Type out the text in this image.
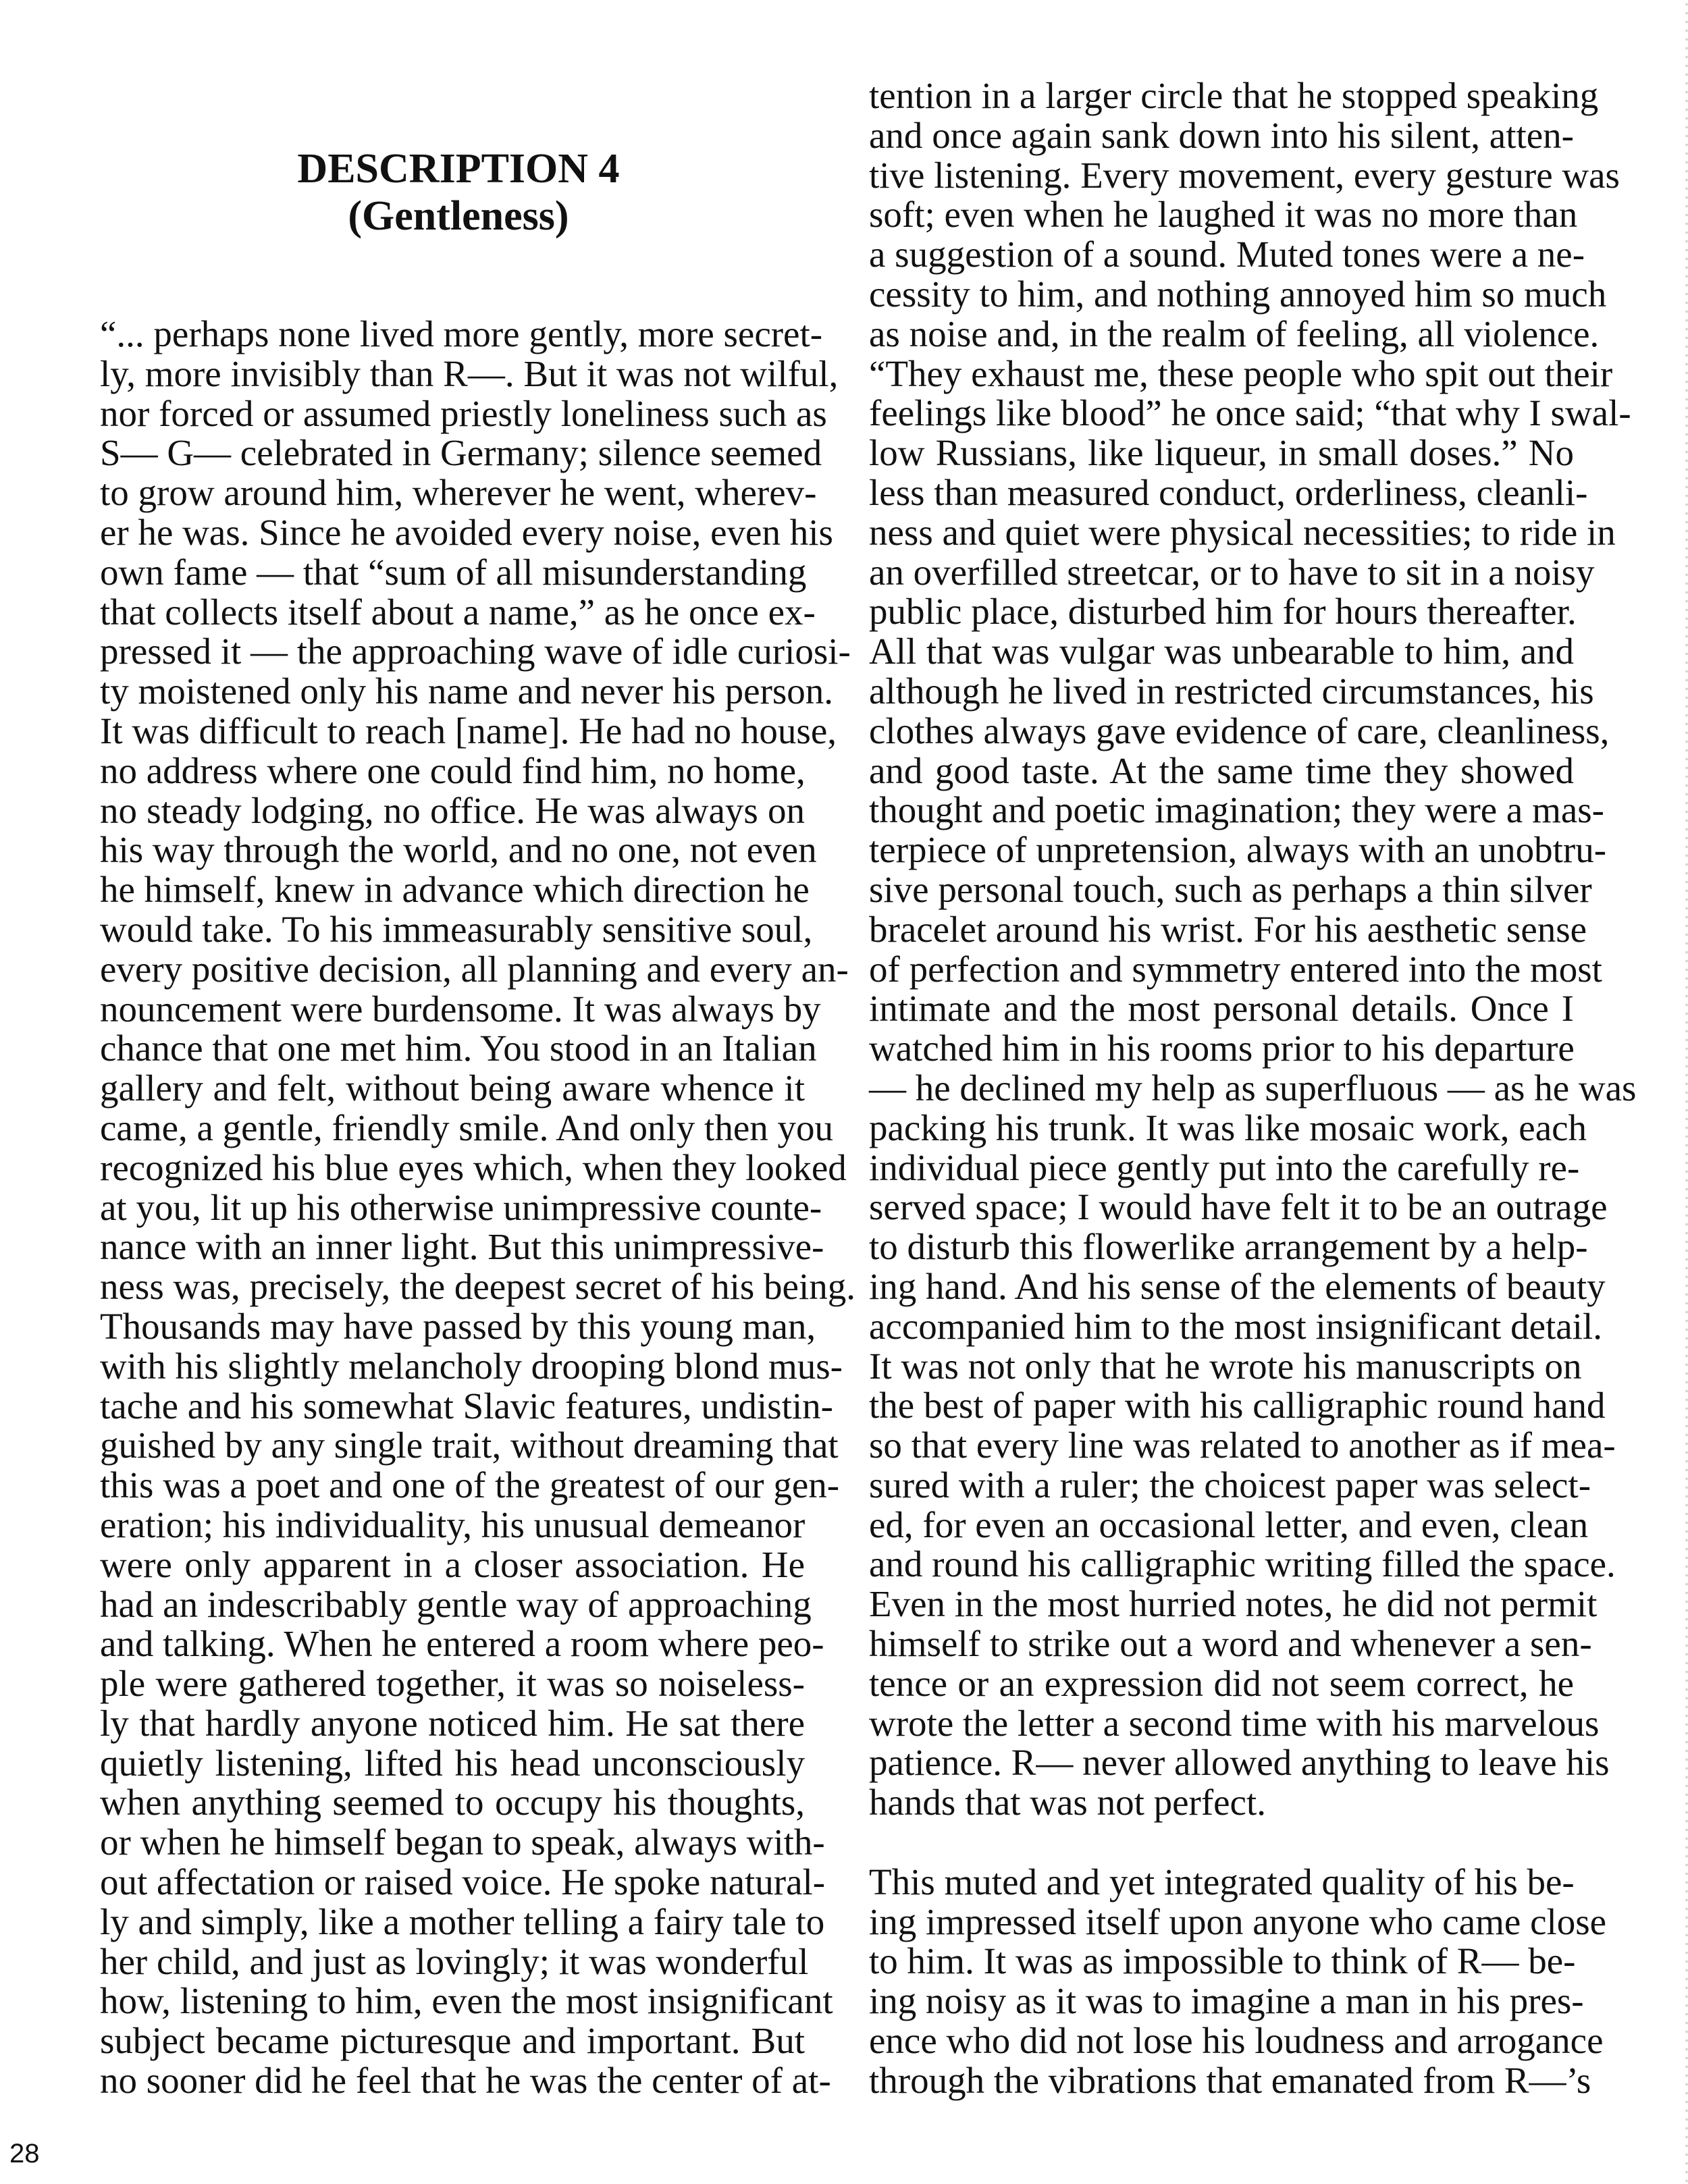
DESCRIPTION 4
(Gentleness)
“... perhaps none lived more gently, more secret-
ly, more invisibly than R—. But it was not wilful,
nor forced or assumed priestly loneliness such as
S— G— celebrated in Germany; silence seemed
to grow around him, wherever he went, wherev-
er he was. Since he avoided every noise, even his
own fame — that “sum of all misunderstanding
that collects itself about a name,” as he once ex-
pressed it — the approaching wave of idle curiosi-
ty moistened only his name and never his person.
It was difficult to reach [name]. He had no house,
no address where one could find him, no home,
no steady lodging, no office. He was always on
his way through the world, and no one, not even
he himself, knew in advance which direction he
would take. To his immeasurably sensitive soul,
every positive decision, all planning and every an-
nouncement were burdensome. It was always by
chance that one met him. You stood in an Italian
gallery and felt, without being aware whence it
came, a gentle, friendly smile. And only then you
recognized his blue eyes which, when they looked
at you, lit up his otherwise unimpressive counte-
nance with an inner light. But this unimpressive-
ness was, precisely, the deepest secret of his being.
Thousands may have passed by this young man,
with his slightly melancholy drooping blond mus-
tache and his somewhat Slavic features, undistin-
guished by any single trait, without dreaming that
this was a poet and one of the greatest of our gen-
eration; his individuality, his unusual demeanor
were only apparent in a closer association. He
had an indescribably gentle way of approaching
and talking. When he entered a room where peo-
ple were gathered together, it was so noiseless-
ly that hardly anyone noticed him. He sat there
quietly listening, lifted his head unconsciously
when anything seemed to occupy his thoughts,
or when he himself began to speak, always with-
out affectation or raised voice. He spoke natural-
ly and simply, like a mother telling a fairy tale to
her child, and just as lovingly; it was wonderful
how, listening to him, even the most insignificant
subject became picturesque and important. But
no sooner did he feel that he was the center of at-
tention in a larger circle that he stopped speaking
and once again sank down into his silent, atten-
tive listening. Every movement, every gesture was
soft; even when he laughed it was no more than
a suggestion of a sound. Muted tones were a ne-
cessity to him, and nothing annoyed him so much
as noise and, in the realm of feeling, all violence.
“They exhaust me, these people who spit out their
feelings like blood” he once said; “that why I swal-
low Russians, like liqueur, in small doses.” No
less than measured conduct, orderliness, cleanli-
ness and quiet were physical necessities; to ride in
an overfilled streetcar, or to have to sit in a noisy
public place, disturbed him for hours thereafter.
All that was vulgar was unbearable to him, and
although he lived in restricted circumstances, his
clothes always gave evidence of care, cleanliness,
and good taste. At the same time they showed
thought and poetic imagination; they were a mas-
terpiece of unpretension, always with an unobtru-
sive personal touch, such as perhaps a thin silver
bracelet around his wrist. For his aesthetic sense
of perfection and symmetry entered into the most
intimate and the most personal details. Once I
watched him in his rooms prior to his departure
— he declined my help as superfluous — as he was
packing his trunk. It was like mosaic work, each
individual piece gently put into the carefully re-
served space; I would have felt it to be an outrage
to disturb this flowerlike arrangement by a help-
ing hand. And his sense of the elements of beauty
accompanied him to the most insignificant detail.
It was not only that he wrote his manuscripts on
the best of paper with his calligraphic round hand
so that every line was related to another as if mea-
sured with a ruler; the choicest paper was select-
ed, for even an occasional letter, and even, clean
and round his calligraphic writing filled the space.
Even in the most hurried notes, he did not permit
himself to strike out a word and whenever a sen-
tence or an expression did not seem correct, he
wrote the letter a second time with his marvelous
patience. R— never allowed anything to leave his
hands that was not perfect.
This muted and yet integrated quality of his be-
ing impressed itself upon anyone who came close
to him. It was as impossible to think of R— be-
ing noisy as it was to imagine a man in his pres-
ence who did not lose his loudness and arrogance
through the vibrations that emanated from R—’s
28
